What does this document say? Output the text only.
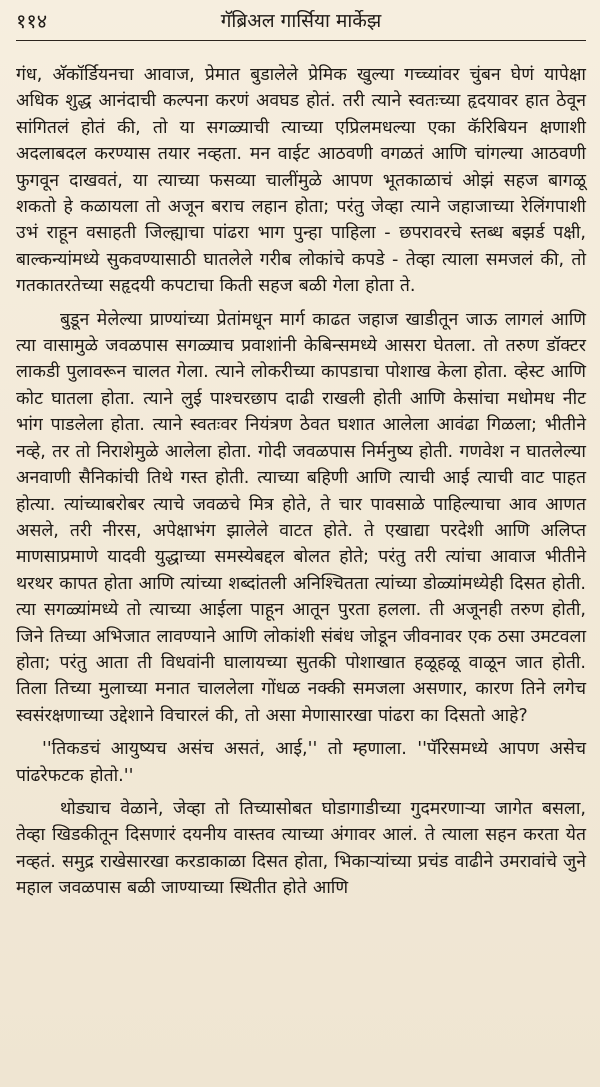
११४	गॅब्रिअल गार्सिया मार्केझ

गंध, अ‍ॅकॉर्डियनचा आवाज, प्रेमात बुडालेले प्रेमिक खुल्या गच्च्यांवर चुंबन घेणं यापेक्षा अधिक शुद्ध आनंदाची कल्पना करणं अवघड होतं. तरी त्याने स्वतःच्या हृदयावर हात ठेवून सांगितलं होतं की, तो या सगळ्याची त्याच्या एप्रिलमधल्या एका कॅरिबियन क्षणाशी अदलाबदल करण्यास तयार नव्हता. मन वाईट आठवणी वगळतं आणि चांगल्या आठवणी फुगवून दाखवतं, या त्याच्या फसव्या चालींमुळे आपण भूतकाळाचं ओझं सहज बागळू शकतो हे कळायला तो अजून बराच लहान होता; परंतु जेव्हा त्याने जहाजाच्या रेलिंगपाशी उभं राहून वसाहती जिल्ह्याचा पांढरा भाग पुन्हा पाहिला - छपरावरचे स्तब्ध बझर्ड पक्षी, बाल्कन्यांमध्ये सुकवण्यासाठी घातलेले गरीब लोकांचे कपडे - तेव्हा त्याला समजलं की, तो गतकातरतेच्या सहृदयी कपटाचा किती सहज बळी गेला होता ते.

बुडून मेलेल्या प्राण्यांच्या प्रेतांमधून मार्ग काढत जहाज खाडीतून जाऊ लागलं आणि त्या वासामुळे जवळपास सगळ्याच प्रवाशांनी केबिन्समध्ये आसरा घेतला. तो तरुण डॉक्टर लाकडी पुलावरून चालत गेला. त्याने लोकरीच्या कापडाचा पोशाख केला होता. व्हेस्ट आणि कोट घातला होता. त्याने लुई पाश्चरछाप दाढी राखली होती आणि केसांचा मधोमध नीट भांग पाडलेला होता. त्याने स्वतःवर नियंत्रण ठेवत घशात आलेला आवंढा गिळला; भीतीने नव्हे, तर तो निराशेमुळे आलेला होता. गोदी जवळपास निर्मनुष्य होती. गणवेश न घातलेल्या अनवाणी सैनिकांची तिथे गस्त होती. त्याच्या बहिणी आणि त्याची आई त्याची वाट पाहत होत्या. त्यांच्याबरोबर त्याचे जवळचे मित्र होते, ते चार पावसाळे पाहिल्याचा आव आणत असले, तरी नीरस, अपेक्षाभंग झालेले वाटत होते. ते एखाद्या परदेशी आणि अलिप्त माणसाप्रमाणे यादवी युद्धाच्या समस्येबद्दल बोलत होते; परंतु तरी त्यांचा आवाज भीतीने थरथर कापत होता आणि त्यांच्या शब्दांतली अनिश्चितता त्यांच्या डोळ्यांमध्येही दिसत होती. त्या सगळ्यांमध्ये तो त्याच्या आईला पाहून आतून पुरता हलला. ती अजूनही तरुण होती, जिने तिच्या अभिजात लावण्याने आणि लोकांशी संबंध जोडून जीवनावर एक ठसा उमटवला होता; परंतु आता ती विधवांनी घालायच्या सुतकी पोशाखात हळूहळू वाळून जात होती. तिला तिच्या मुलाच्या मनात चाललेला गोंधळ नक्की समजला असणार, कारण तिने लगेच स्वसंरक्षणाच्या उद्देशाने विचारलं की, तो असा मेणासारखा पांढरा का दिसतो आहे?

''तिकडचं आयुष्यच असंच असतं, आई,'' तो म्हणाला. ''पॅरिसमध्ये आपण असेच पांढरेफटक होतो.''

थोड्याच वेळाने, जेव्हा तो तिच्यासोबत घोडागाडीच्या गुदमरणाऱ्या जागेत बसला, तेव्हा खिडकीतून दिसणारं दयनीय वास्तव त्याच्या अंगावर आलं. ते त्याला सहन करता येत नव्हतं. समुद्र राखेसारखा करडाकाळा दिसत होता, भिकाऱ्यांच्या प्रचंड वाढीने उमरावांचे जुने महाल जवळपास बळी जाण्याच्या स्थितीत होते आणि
